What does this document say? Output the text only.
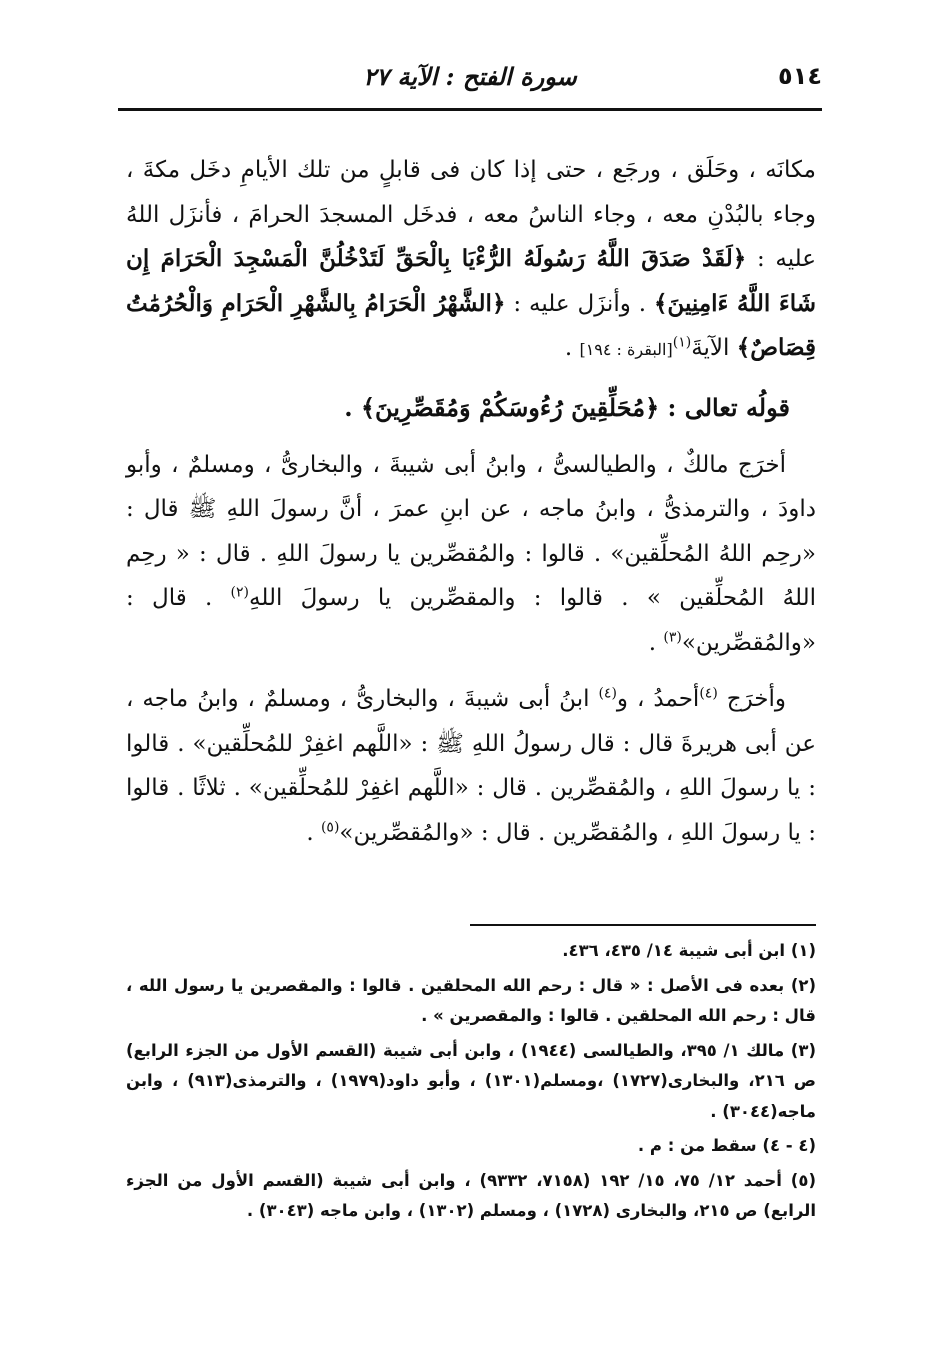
٥١٤
سورة الفتح : الآية ٢٧

مكانَه ، وحَلَق ، ورجَع ، حتى إذا كان فى قابلٍ من تلك الأيامِ دخَل مكةَ ، وجاء بالبُدْنِ معه ، وجاء الناسُ معه ، فدخَل المسجدَ الحرامَ ، فأنزَل اللهُ عليه : ﴿لَقَدْ صَدَقَ اللَّهُ رَسُولَهُ الرُّءْيَا بِالْحَقِّ لَتَدْخُلُنَّ الْمَسْجِدَ الْحَرَامَ إِن شَاءَ اللَّهُ ءَامِنِينَ﴾ . وأنزَل عليه : ﴿الشَّهْرُ الْحَرَامُ بِالشَّهْرِ الْحَرَامِ وَالْحُرُمَٰتُ قِصَاصٌ﴾ الآيةَ$^{(١)}$[البقرة : ١٩٤] .

قولُه تعالى : ﴿مُحَلِّقِينَ رُءُوسَكُمْ وَمُقَصِّرِينَ﴾ .

أخرَج مالكٌ ، والطيالسىُّ ، وابنُ أبى شيبةَ ، والبخارىُّ ، ومسلمٌ ، وأبو داودَ ، والترمذىُّ ، وابنُ ماجه ، عن ابنِ عمرَ ، أنَّ رسولَ اللهِ ﷺ قال : «رحِم اللهُ المُحلِّقين» . قالوا : والمُقصِّرين يا رسولَ اللهِ . قال : « رحِم اللهُ المُحلِّقين » . قالوا : والمقصِّرين يا رسولَ اللهِ$^{(٢)}$ . قال : «والمُقصِّرين»$^{(٣)}$ .

وأخرَج $^{(٤)}$أحمدُ ، و$^{(٤)}$ ابنُ أبى شيبةَ ، والبخارىُّ ، ومسلمٌ ، وابنُ ماجه ، عن أبى هريرةَ قال : قال رسولُ اللهِ ﷺ : «اللَّهم اغفِرْ للمُحلِّقين» . قالوا : يا رسولَ اللهِ ، والمُقصِّرين . قال : «اللَّهم اغفِرْ للمُحلِّقين» . ثلاثًا . قالوا : يا رسولَ اللهِ ، والمُقصِّرين . قال : «والمُقصِّرين»$^{(٥)}$ .

(١) ابن أبى شيبة ١٤/ ٤٣٥، ٤٣٦.

(٢) بعده فى الأصل : « قال : رحم الله المحلقين . قالوا : والمقصرين يا رسول الله ، قال : رحم الله المحلقين . قالوا : والمقصرين » .

(٣) مالك ١/ ٣٩٥، والطيالسى (١٩٤٤) ، وابن أبى شيبة (القسم الأول من الجزء الرابع) ص ٢١٦، والبخارى(١٧٢٧) ،ومسلم(١٣٠١) ، وأبو داود(١٩٧٩) ، والترمذى(٩١٣) ، وابن ماجه(٣٠٤٤) .

(٤ - ٤) سقط من : م .

(٥) أحمد ١٢/ ٧٥، ١٥/ ١٩٢ (٧١٥٨، ٩٣٣٢) ، وابن أبى شيبة (القسم الأول من الجزء الرابع) ص ٢١٥، والبخارى (١٧٢٨) ، ومسلم (١٣٠٢) ، وابن ماجه (٣٠٤٣) .
